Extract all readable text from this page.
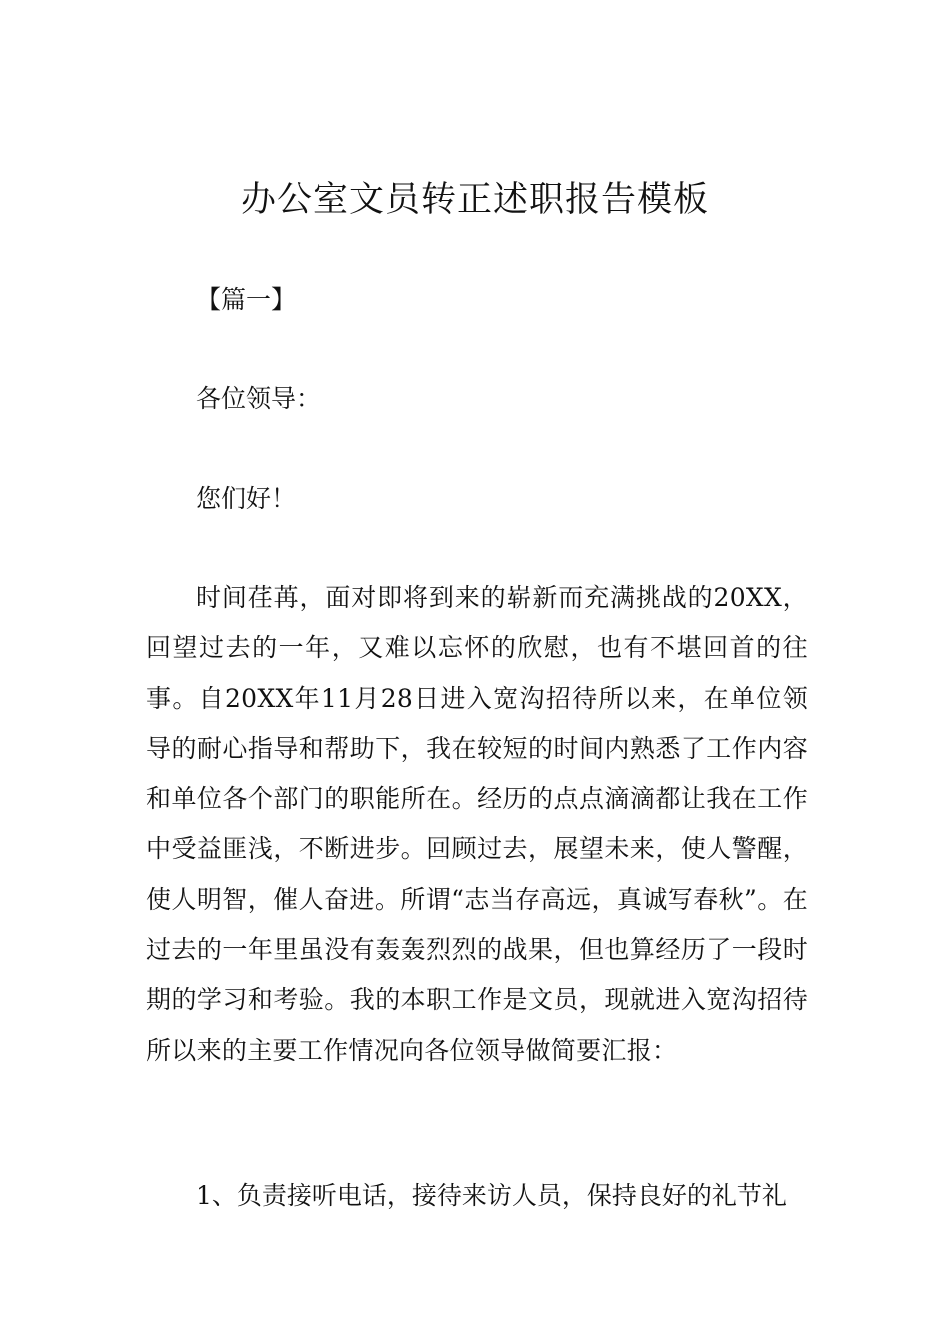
办公室文员转正述职报告模板
【篇一】
各位领导：
您们好！
时间荏苒，面对即将到来的崭新而充满挑战的20XX，回望过去的一年，又难以忘怀的欣慰，也有不堪回首的往事。自20XX年11月28日进入宽沟招待所以来，在单位领导的耐心指导和帮助下，我在较短的时间内熟悉了工作内容和单位各个部门的职能所在。经历的点点滴滴都让我在工作中受益匪浅，不断进步。回顾过去，展望未来，使人警醒，使人明智，催人奋进。所谓“志当存高远，真诚写春秋”。在过去的一年里虽没有轰轰烈烈的战果，但也算经历了一段时期的学习和考验。我的本职工作是文员，现就进入宽沟招待所以来的主要工作情况向各位领导做简要汇报：
1、负责接听电话，接待来访人员，保持良好的礼节礼
